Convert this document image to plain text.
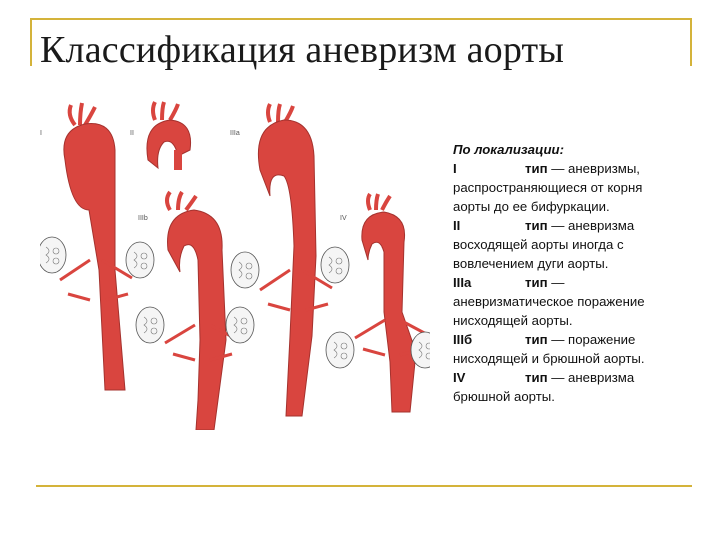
Классификация аневризм аорты
I	II	IIIa
IIIb	IV
По локализации:
I	тип — аневризмы,
распространяющиеся от корня
аорты до ее бифуркации.
II	тип — аневризма
восходящей аорты иногда с
вовлечением дуги аорты.
IIIa	тип —
аневризматическое поражение
нисходящей аорты.
IIIб	тип — поражение
нисходящей и брюшной аорты.
IV	тип — аневризма
брюшной аорты.
